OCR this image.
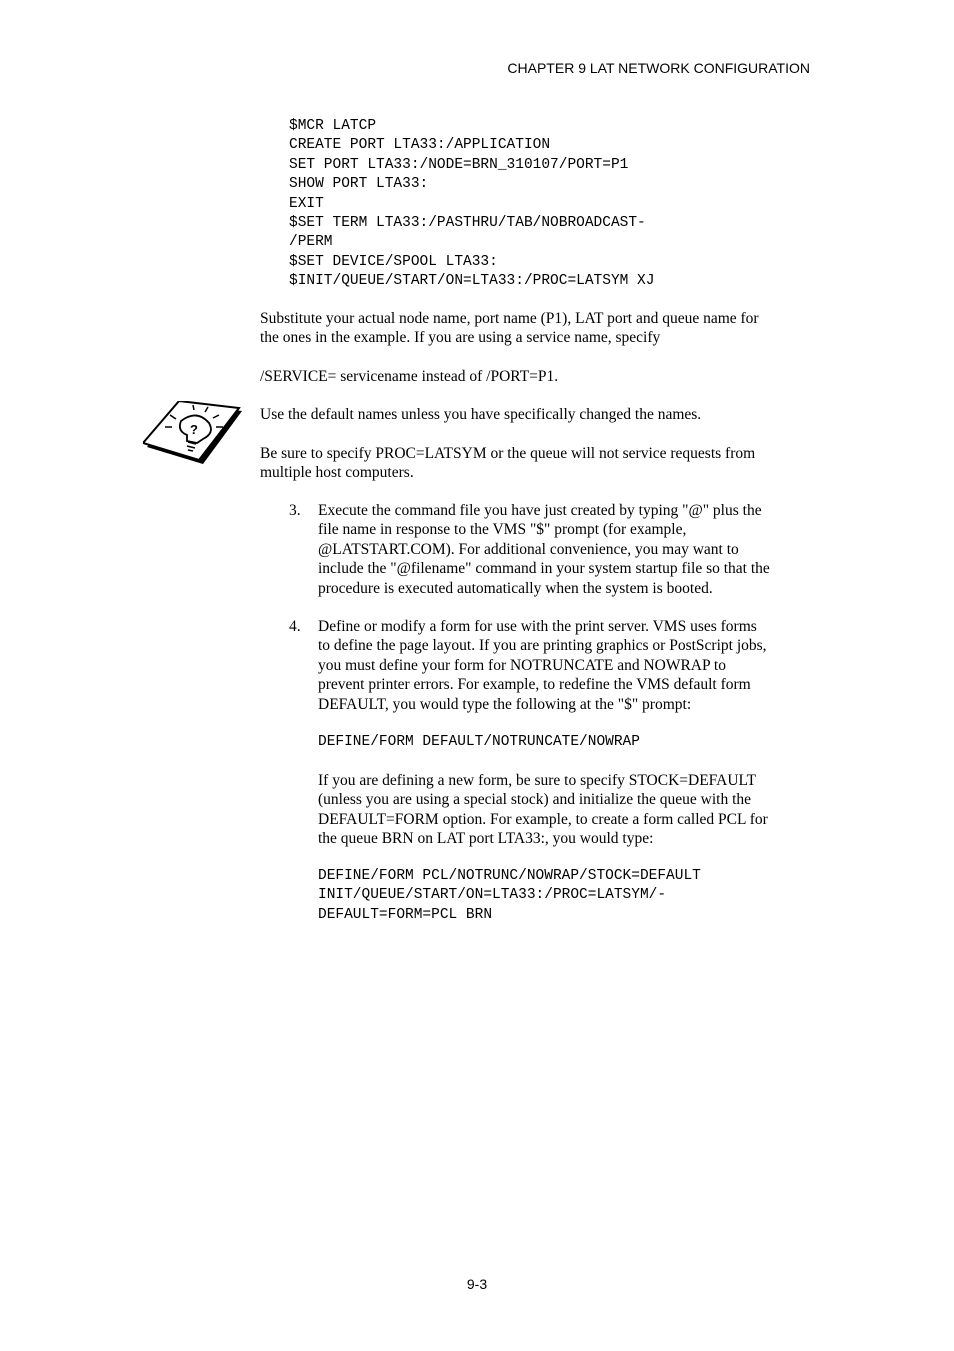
CHAPTER 9 LAT NETWORK CONFIGURATION
$MCR LATCP
CREATE PORT LTA33:/APPLICATION
SET PORT LTA33:/NODE=BRN_310107/PORT=P1
SHOW PORT LTA33:
EXIT
$SET TERM LTA33:/PASTHRU/TAB/NOBROADCAST-
/PERM
$SET DEVICE/SPOOL LTA33:
$INIT/QUEUE/START/ON=LTA33:/PROC=LATSYM XJ

Substitute your actual node name, port name (P1), LAT port and queue name for
the ones in the example. If you are using a service name, specify

/SERVICE= servicename instead of /PORT=P1.

?

Use the default names unless you have specifically changed the names.

Be sure to specify PROC=LATSYM or the queue will not service requests from
multiple host computers.

3. Execute the command file you have just created by typing "@" plus the
file name in response to the VMS "$" prompt (for example,
@LATSTART.COM). For additional convenience, you may want to
include the "@filename" command in your system startup file so that the
procedure is executed automatically when the system is booted.

4. Define or modify a form for use with the print server. VMS uses forms
to define the page layout. If you are printing graphics or PostScript jobs,
you must define your form for NOTRUNCATE and NOWRAP to
prevent printer errors. For example, to redefine the VMS default form
DEFAULT, you would type the following at the "$" prompt:

DEFINE/FORM DEFAULT/NOTRUNCATE/NOWRAP

If you are defining a new form, be sure to specify STOCK=DEFAULT
(unless you are using a special stock) and initialize the queue with the
DEFAULT=FORM option. For example, to create a form called PCL for
the queue BRN on LAT port LTA33:, you would type:

DEFINE/FORM PCL/NOTRUNC/NOWRAP/STOCK=DEFAULT
INIT/QUEUE/START/ON=LTA33:/PROC=LATSYM/-
DEFAULT=FORM=PCL BRN
9-3
